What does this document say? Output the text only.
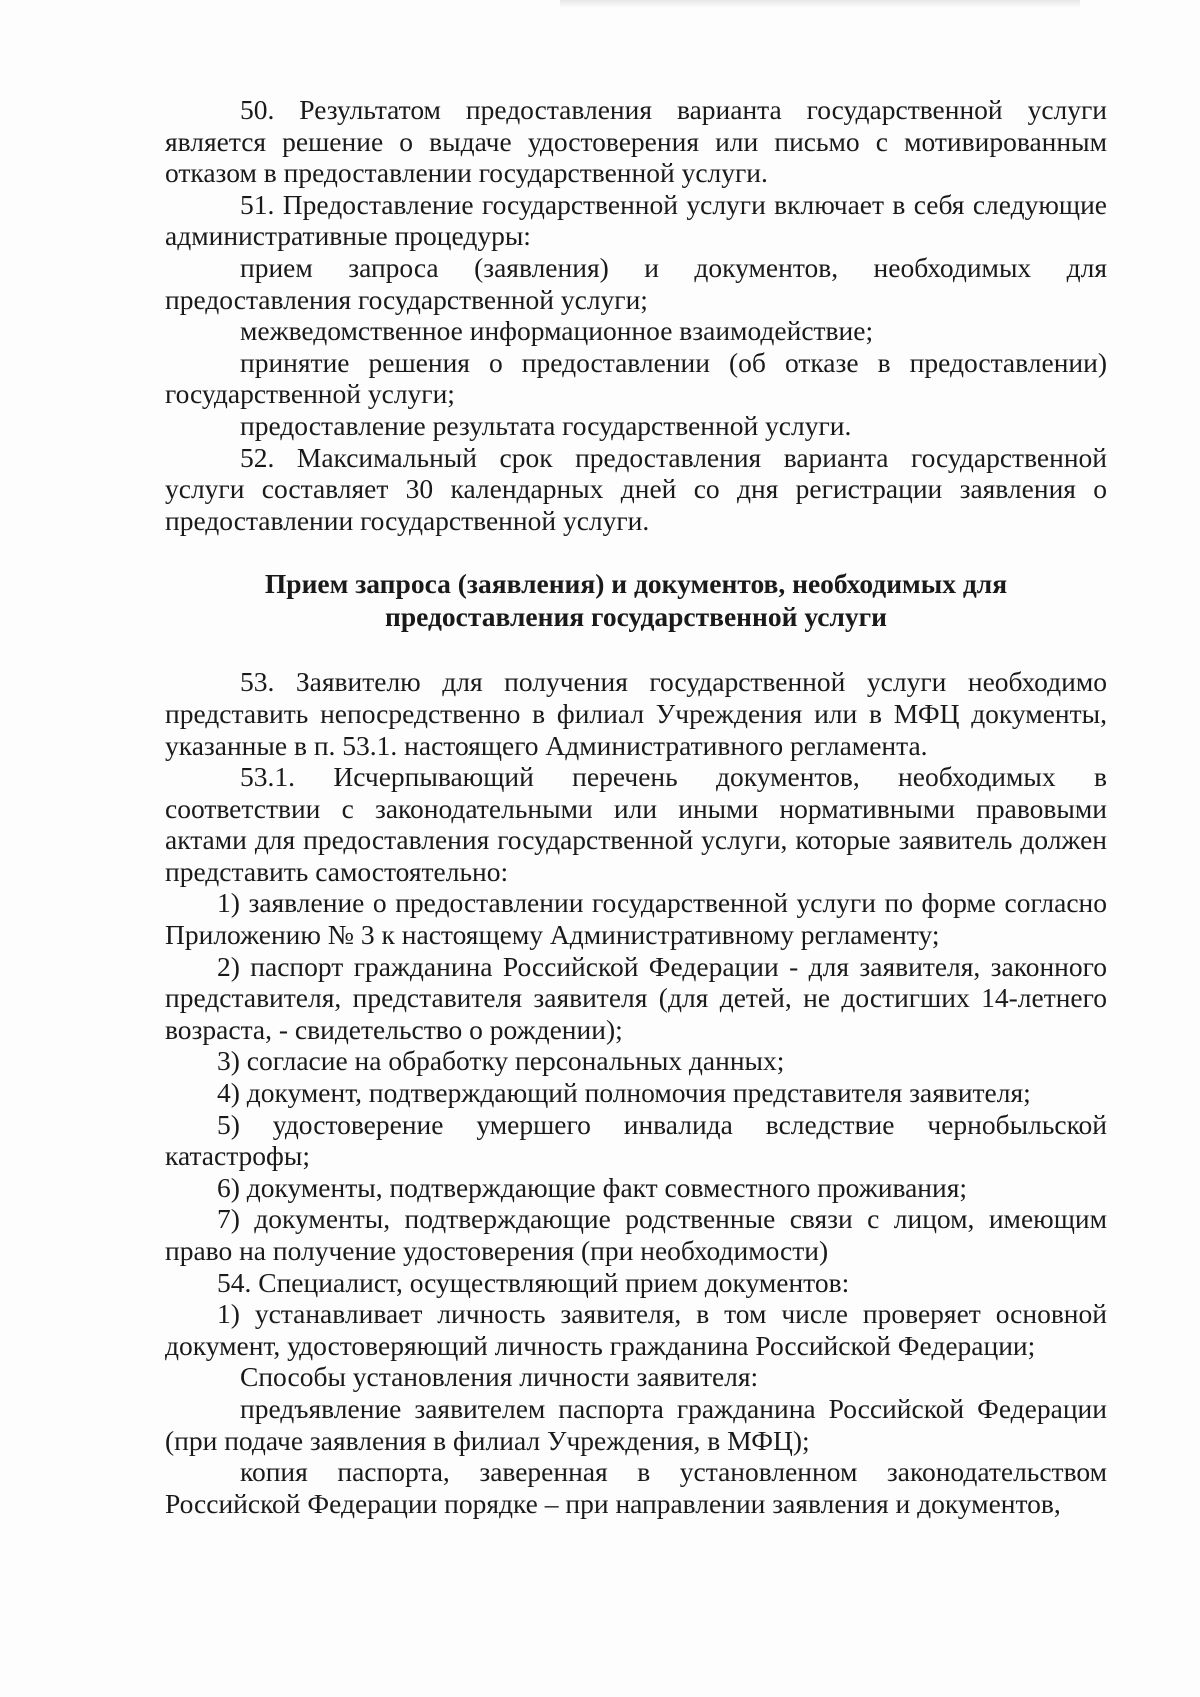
50. Результатом предоставления варианта государственной услуги является решение о выдаче удостоверения или письмо с мотивированным отказом в предоставлении государственной услуги.

51. Предоставление государственной услуги включает в себя следующие административные процедуры:

прием запроса (заявления) и документов, необходимых для предоставления государственной услуги;

межведомственное информационное взаимодействие;

принятие решения о предоставлении (об отказе в предоставлении) государственной услуги;

предоставление результата государственной услуги.

52. Максимальный срок предоставления варианта государственной услуги составляет 30 календарных дней со дня регистрации заявления о предоставлении государственной услуги.

Прием запроса (заявления) и документов, необходимых для предоставления государственной услуги

53. Заявителю для получения государственной услуги необходимо представить непосредственно в филиал Учреждения или в МФЦ документы, указанные в п. 53.1. настоящего Административного регламента.

53.1. Исчерпывающий перечень документов, необходимых в соответствии с законодательными или иными нормативными правовыми актами для предоставления государственной услуги, которые заявитель должен представить самостоятельно:

1) заявление о предоставлении государственной услуги по форме согласно Приложению № 3 к настоящему Административному регламенту;

2) паспорт гражданина Российской Федерации - для заявителя, законного представителя, представителя заявителя (для детей, не достигших 14-летнего возраста, - свидетельство о рождении);

3) согласие на обработку персональных данных;

4) документ, подтверждающий полномочия представителя заявителя;

5) удостоверение умершего инвалида вследствие чернобыльской катастрофы;

6) документы, подтверждающие факт совместного проживания;

7) документы, подтверждающие родственные связи с лицом, имеющим право на получение удостоверения (при необходимости)

54. Специалист, осуществляющий прием документов:

1) устанавливает личность заявителя, в том числе проверяет основной документ, удостоверяющий личность гражданина Российской Федерации;

Способы установления личности заявителя:

предъявление заявителем паспорта гражданина Российской Федерации (при подаче заявления в филиал Учреждения, в МФЦ);

копия паспорта, заверенная в установленном законодательством Российской Федерации порядке – при направлении заявления и документов,
